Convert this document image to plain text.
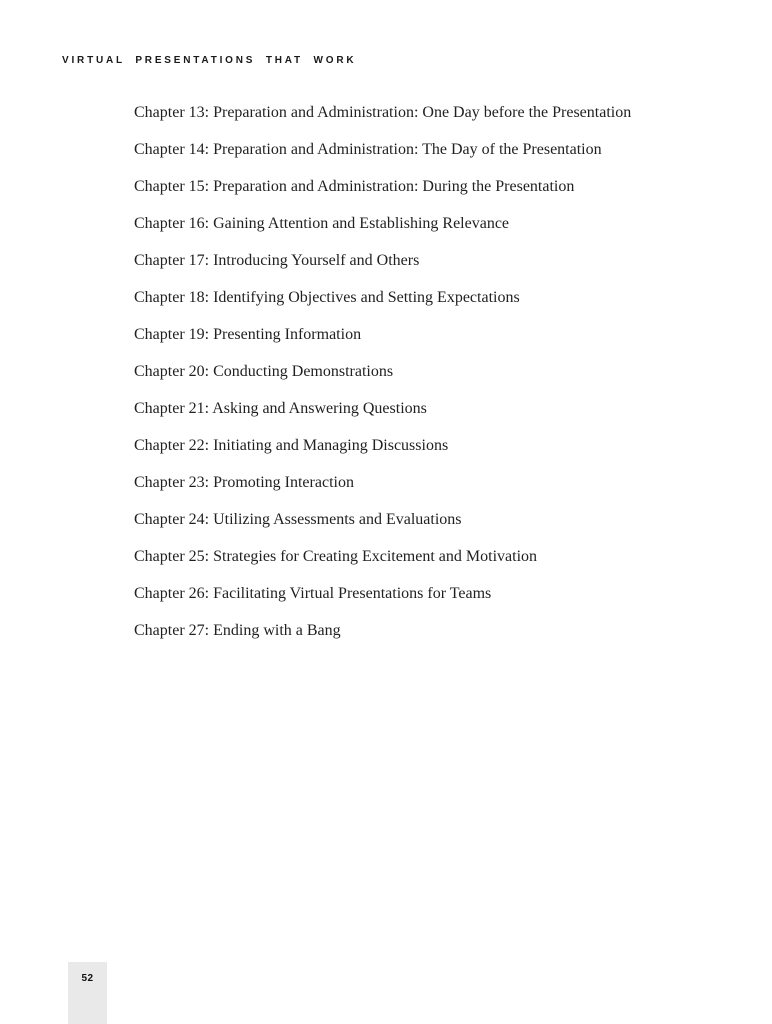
VIRTUAL PRESENTATIONS THAT WORK

Chapter 13: Preparation and Administration: One Day before the Presentation

Chapter 14: Preparation and Administration: The Day of the Presentation

Chapter 15: Preparation and Administration: During the Presentation

Chapter 16: Gaining Attention and Establishing Relevance

Chapter 17: Introducing Yourself and Others

Chapter 18: Identifying Objectives and Setting Expectations

Chapter 19: Presenting Information

Chapter 20: Conducting Demonstrations

Chapter 21: Asking and Answering Questions

Chapter 22: Initiating and Managing Discussions

Chapter 23: Promoting Interaction

Chapter 24: Utilizing Assessments and Evaluations

Chapter 25: Strategies for Creating Excitement and Motivation

Chapter 26: Facilitating Virtual Presentations for Teams

Chapter 27: Ending with a Bang

52
